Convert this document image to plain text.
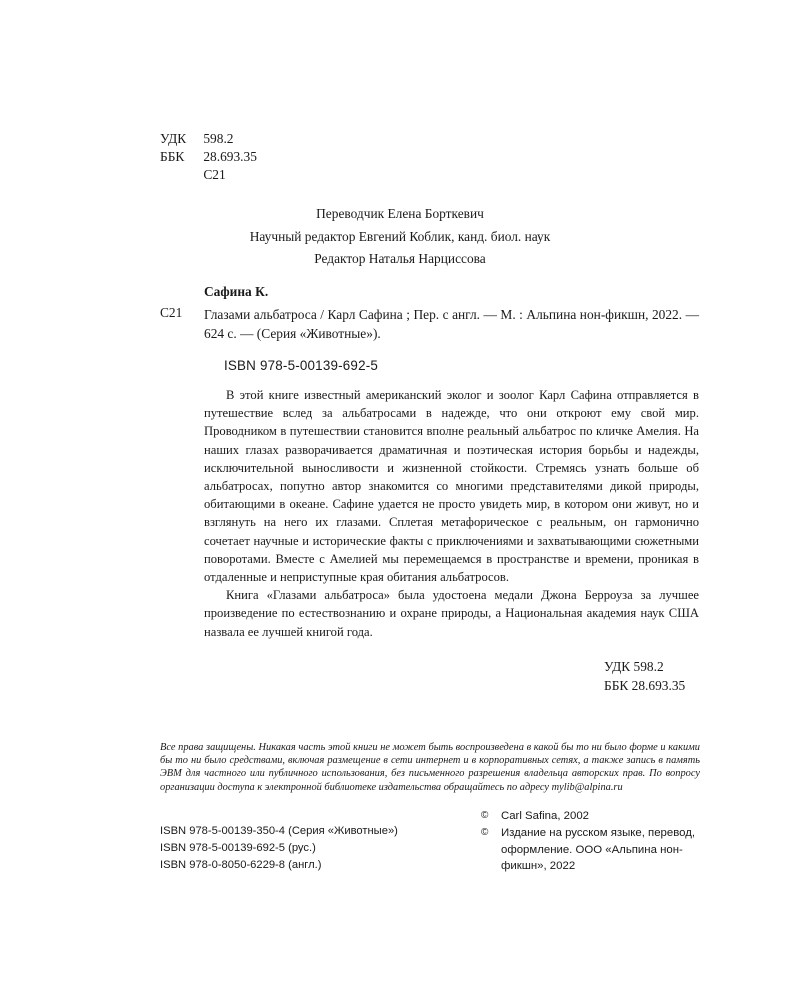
УДК 598.2
ББК 28.693.35
С21
Переводчик Елена Борткевич
Научный редактор Евгений Коблик, канд. биол. наук
Редактор Наталья Нарциссова
Сафина К.
С21 Глазами альбатроса / Карл Сафина ; Пер. с англ. — М. : Альпина нон-фикшн, 2022. — 624 с. — (Серия «Животные»).
ISBN 978-5-00139-692-5

В этой книге известный американский эколог и зоолог Карл Сафина отправляется в путешествие вслед за альбатросами в надежде, что они откроют ему свой мир. Проводником в путешествии становится вполне реальный альбатрос по кличке Амелия. На наших глазах разворачивается драматичная и поэтическая история борьбы и надежды, исключительной выносливости и жизненной стойкости. Стремясь узнать больше об альбатросах, попутно автор знакомится со многими представителями дикой природы, обитающими в океане. Сафине удается не просто увидеть мир, в котором они живут, но и взглянуть на него их глазами. Сплетая метафорическое с реальным, он гармонично сочетает научные и исторические факты с приключениями и захватывающими сюжетными поворотами. Вместе с Амелией мы перемещаемся в пространстве и времени, проникая в отдаленные и неприступные края обитания альбатросов.

Книга «Глазами альбатроса» была удостоена медали Джона Берроуза за лучшее произведение по естествознанию и охране природы, а Национальная академия наук США назвала ее лучшей книгой года.

УДК 598.2
ББК 28.693.35
Все права защищены. Никакая часть этой книги не может быть воспроизведена в какой бы то ни было форме и какими бы то ни было средствами, включая размещение в сети интернет и в корпоративных сетях, а также запись в память ЭВМ для частного или публичного использования, без письменного разрешения владельца авторских прав. По вопросу организации доступа к электронной библиотеке издательства обращайтесь по адресу mylib@alpina.ru
ISBN 978-5-00139-350-4 (Серия «Животные»)
ISBN 978-5-00139-692-5 (рус.)
ISBN 978-0-8050-6229-8 (англ.)
© Carl Safina, 2002
© Издание на русском языке, перевод, оформление. ООО «Альпина нон-фикшн», 2022
